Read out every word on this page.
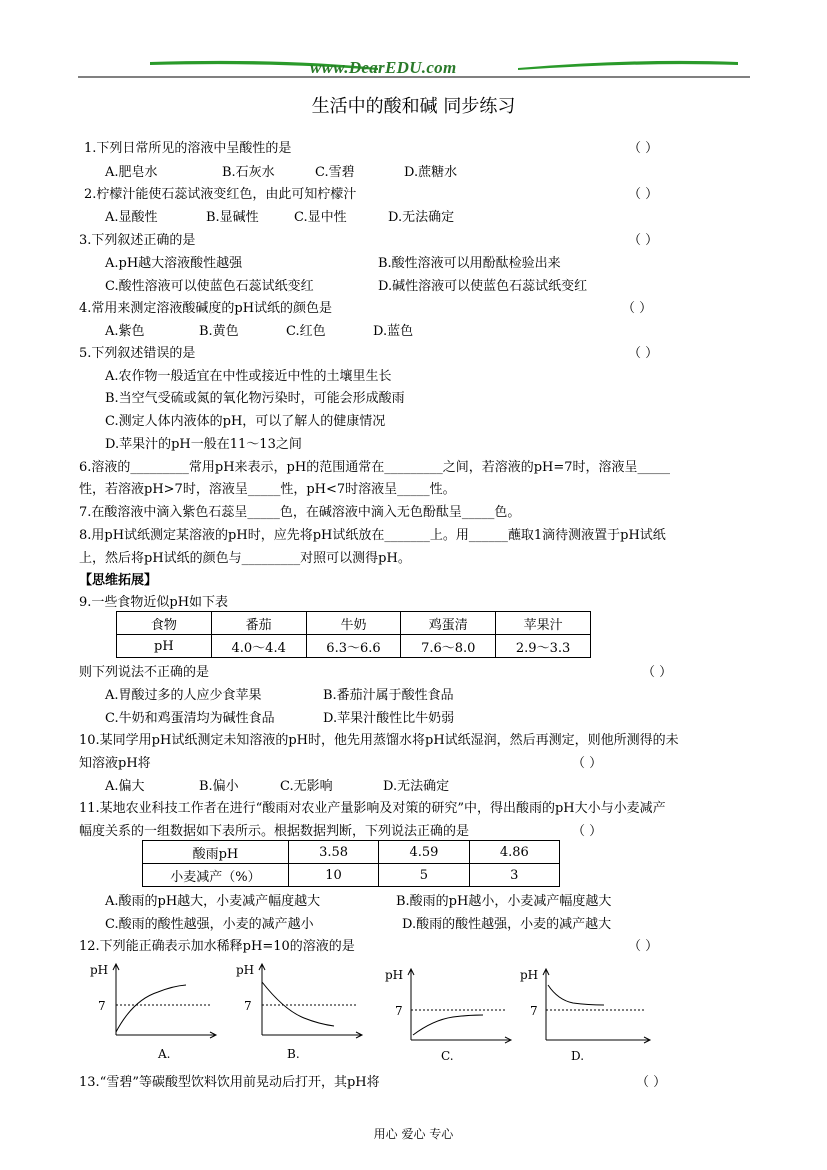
www.DearEDU.com
生活中的酸和碱 同步练习
1.下列日常所见的溶液中呈酸性的是	（ ）
A.肥皂水	B.石灰水	C.雪碧	D.蔗糖水
2.柠檬汁能使石蕊试液变红色，由此可知柠檬汁	（ ）
A.显酸性	B.显碱性	C.显中性	D.无法确定
3.下列叙述正确的是	（ ）
A.pH越大溶液酸性越强	B.酸性溶液可以用酚酞检验出来
C.酸性溶液可以使蓝色石蕊试纸变红	D.碱性溶液可以使蓝色石蕊试纸变红
4.常用来测定溶液酸碱度的pH试纸的颜色是	（ ）
A.紫色	B.黄色	C.红色	D.蓝色
5.下列叙述错误的是	（ ）
A.农作物一般适宜在中性或接近中性的土壤里生长
B.当空气受硫或氮的氧化物污染时，可能会形成酸雨
C.测定人体内液体的pH，可以了解人的健康情况
D.苹果汁的pH一般在11～13之间
6.溶液的_________常用pH来表示，pH的范围通常在_________之间，若溶液的pH=7时，溶液呈_____
性，若溶液pH>7时，溶液呈_____性，pH<7时溶液呈_____性。
7.在酸溶液中滴入紫色石蕊呈_____色，在碱溶液中滴入无色酚酞呈_____色。
8.用pH试纸测定某溶液的pH时，应先将pH试纸放在_______上。用______蘸取1滴待测液置于pH试纸
上，然后将pH试纸的颜色与_________对照可以测得pH。
【思维拓展】
9.一些食物近似pH如下表
食物	番茄	牛奶	鸡蛋清	苹果汁
pH	4.0～4.4	6.3～6.6	7.6～8.0	2.9～3.3
则下列说法不正确的是	（ ）
A.胃酸过多的人应少食苹果	B.番茄汁属于酸性食品
C.牛奶和鸡蛋清均为碱性食品	D.苹果汁酸性比牛奶弱
10.某同学用pH试纸测定未知溶液的pH时，他先用蒸馏水将pH试纸湿润，然后再测定，则他所测得的未
知溶液pH将	（ ）
A.偏大	B.偏小	C.无影响	D.无法确定
11.某地农业科技工作者在进行“酸雨对农业产量影响及对策的研究”中，得出酸雨的pH大小与小麦减产
幅度关系的一组数据如下表所示。根据数据判断，下列说法正确的是	（ ）
酸雨pH	3.58	4.59	4.86
小麦减产（%）	10	5	3
A.酸雨的pH越大，小麦减产幅度越大	B.酸雨的pH越小，小麦减产幅度越大
C.酸雨的酸性越强，小麦的减产越小	D.酸雨的酸性越强，小麦的减产越大
12.下列能正确表示加水稀释pH=10的溶液的是	（ ）
pH
7
A.
pH
7
B.
pH
7
C.
pH
7
D.
13.“雪碧”等碳酸型饮料饮用前晃动后打开，其pH将	（ ）
用心 爱心 专心
